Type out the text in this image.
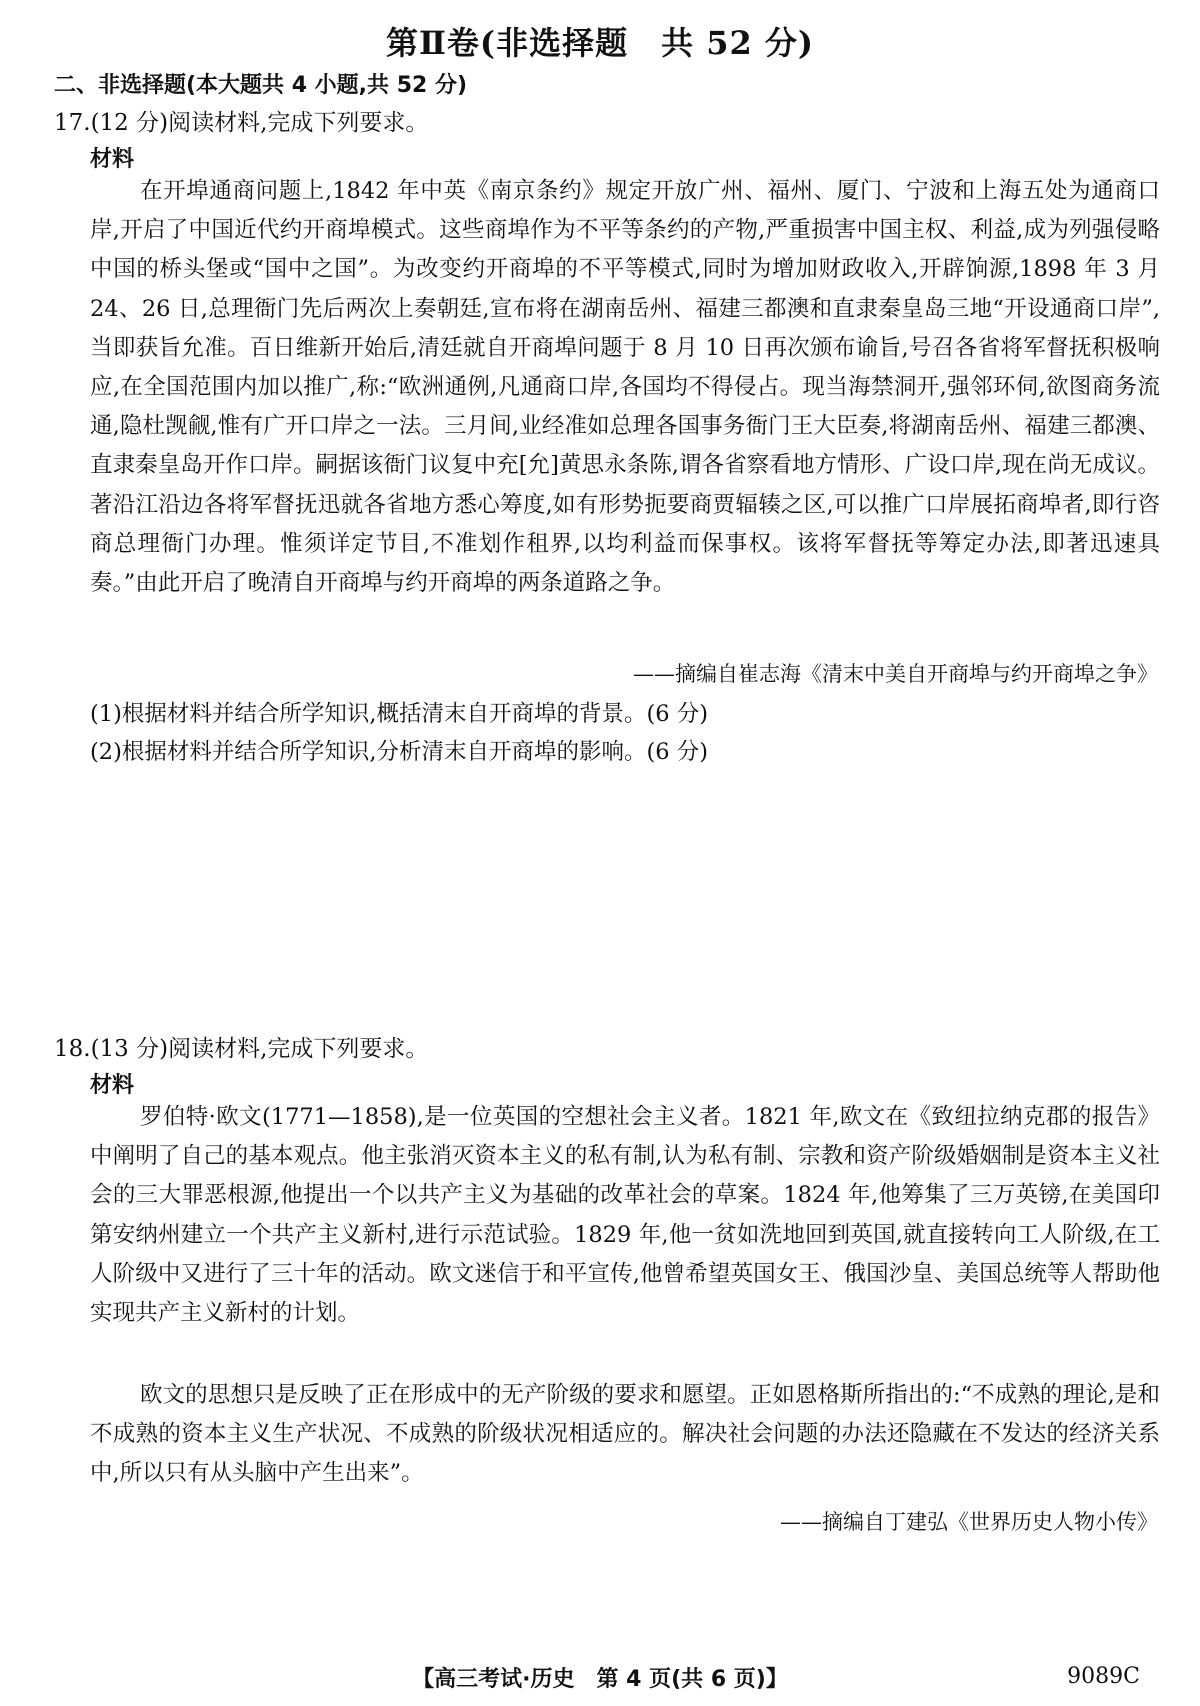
第Ⅱ卷(非选择题　共 52 分)
二、非选择题(本大题共 4 小题,共 52 分)
17.(12 分)阅读材料,完成下列要求。
材料

在开埠通商问题上,1842 年中英《南京条约》规定开放广州、福州、厦门、宁波和上海五处为通商口岸,开启了中国近代约开商埠模式。这些商埠作为不平等条约的产物,严重损害中国主权、利益,成为列强侵略中国的桥头堡或“国中之国”。为改变约开商埠的不平等模式,同时为增加财政收入,开辟饷源,1898 年 3 月 24、26 日,总理衙门先后两次上奏朝廷,宣布将在湖南岳州、福建三都澳和直隶秦皇岛三地“开设通商口岸”,当即获旨允准。百日维新开始后,清廷就自开商埠问题于 8 月 10 日再次颁布谕旨,号召各省将军督抚积极响应,在全国范围内加以推广,称:“欧洲通例,凡通商口岸,各国均不得侵占。现当海禁洞开,强邻环伺,欲图商务流通,隐杜觊觎,惟有广开口岸之一法。三月间,业经准如总理各国事务衙门王大臣奏,将湖南岳州、福建三都澳、直隶秦皇岛开作口岸。嗣据该衙门议复中充[允]黄思永条陈,谓各省察看地方情形、广设口岸,现在尚无成议。著沿江沿边各将军督抚迅就各省地方悉心筹度,如有形势扼要商贾辐辏之区,可以推广口岸展拓商埠者,即行咨商总理衙门办理。惟须详定节目,不准划作租界,以均利益而保事权。该将军督抚等筹定办法,即著迅速具奏。”由此开启了晚清自开商埠与约开商埠的两条道路之争。

——摘编自崔志海《清末中美自开商埠与约开商埠之争》
(1)根据材料并结合所学知识,概括清末自开商埠的背景。(6 分)
(2)根据材料并结合所学知识,分析清末自开商埠的影响。(6 分)
18.(13 分)阅读材料,完成下列要求。
材料

罗伯特·欧文(1771—1858),是一位英国的空想社会主义者。1821 年,欧文在《致纽拉纳克郡的报告》中阐明了自己的基本观点。他主张消灭资本主义的私有制,认为私有制、宗教和资产阶级婚姻制是资本主义社会的三大罪恶根源,他提出一个以共产主义为基础的改革社会的草案。1824 年,他筹集了三万英镑,在美国印第安纳州建立一个共产主义新村,进行示范试验。1829 年,他一贫如洗地回到英国,就直接转向工人阶级,在工人阶级中又进行了三十年的活动。欧文迷信于和平宣传,他曾希望英国女王、俄国沙皇、美国总统等人帮助他实现共产主义新村的计划。

欧文的思想只是反映了正在形成中的无产阶级的要求和愿望。正如恩格斯所指出的:“不成熟的理论,是和不成熟的资本主义生产状况、不成熟的阶级状况相适应的。解决社会问题的办法还隐藏在不发达的经济关系中,所以只有从头脑中产生出来”。

——摘编自丁建弘《世界历史人物小传》
【高三考试·历史　第 4 页(共 6 页)】	9089C
